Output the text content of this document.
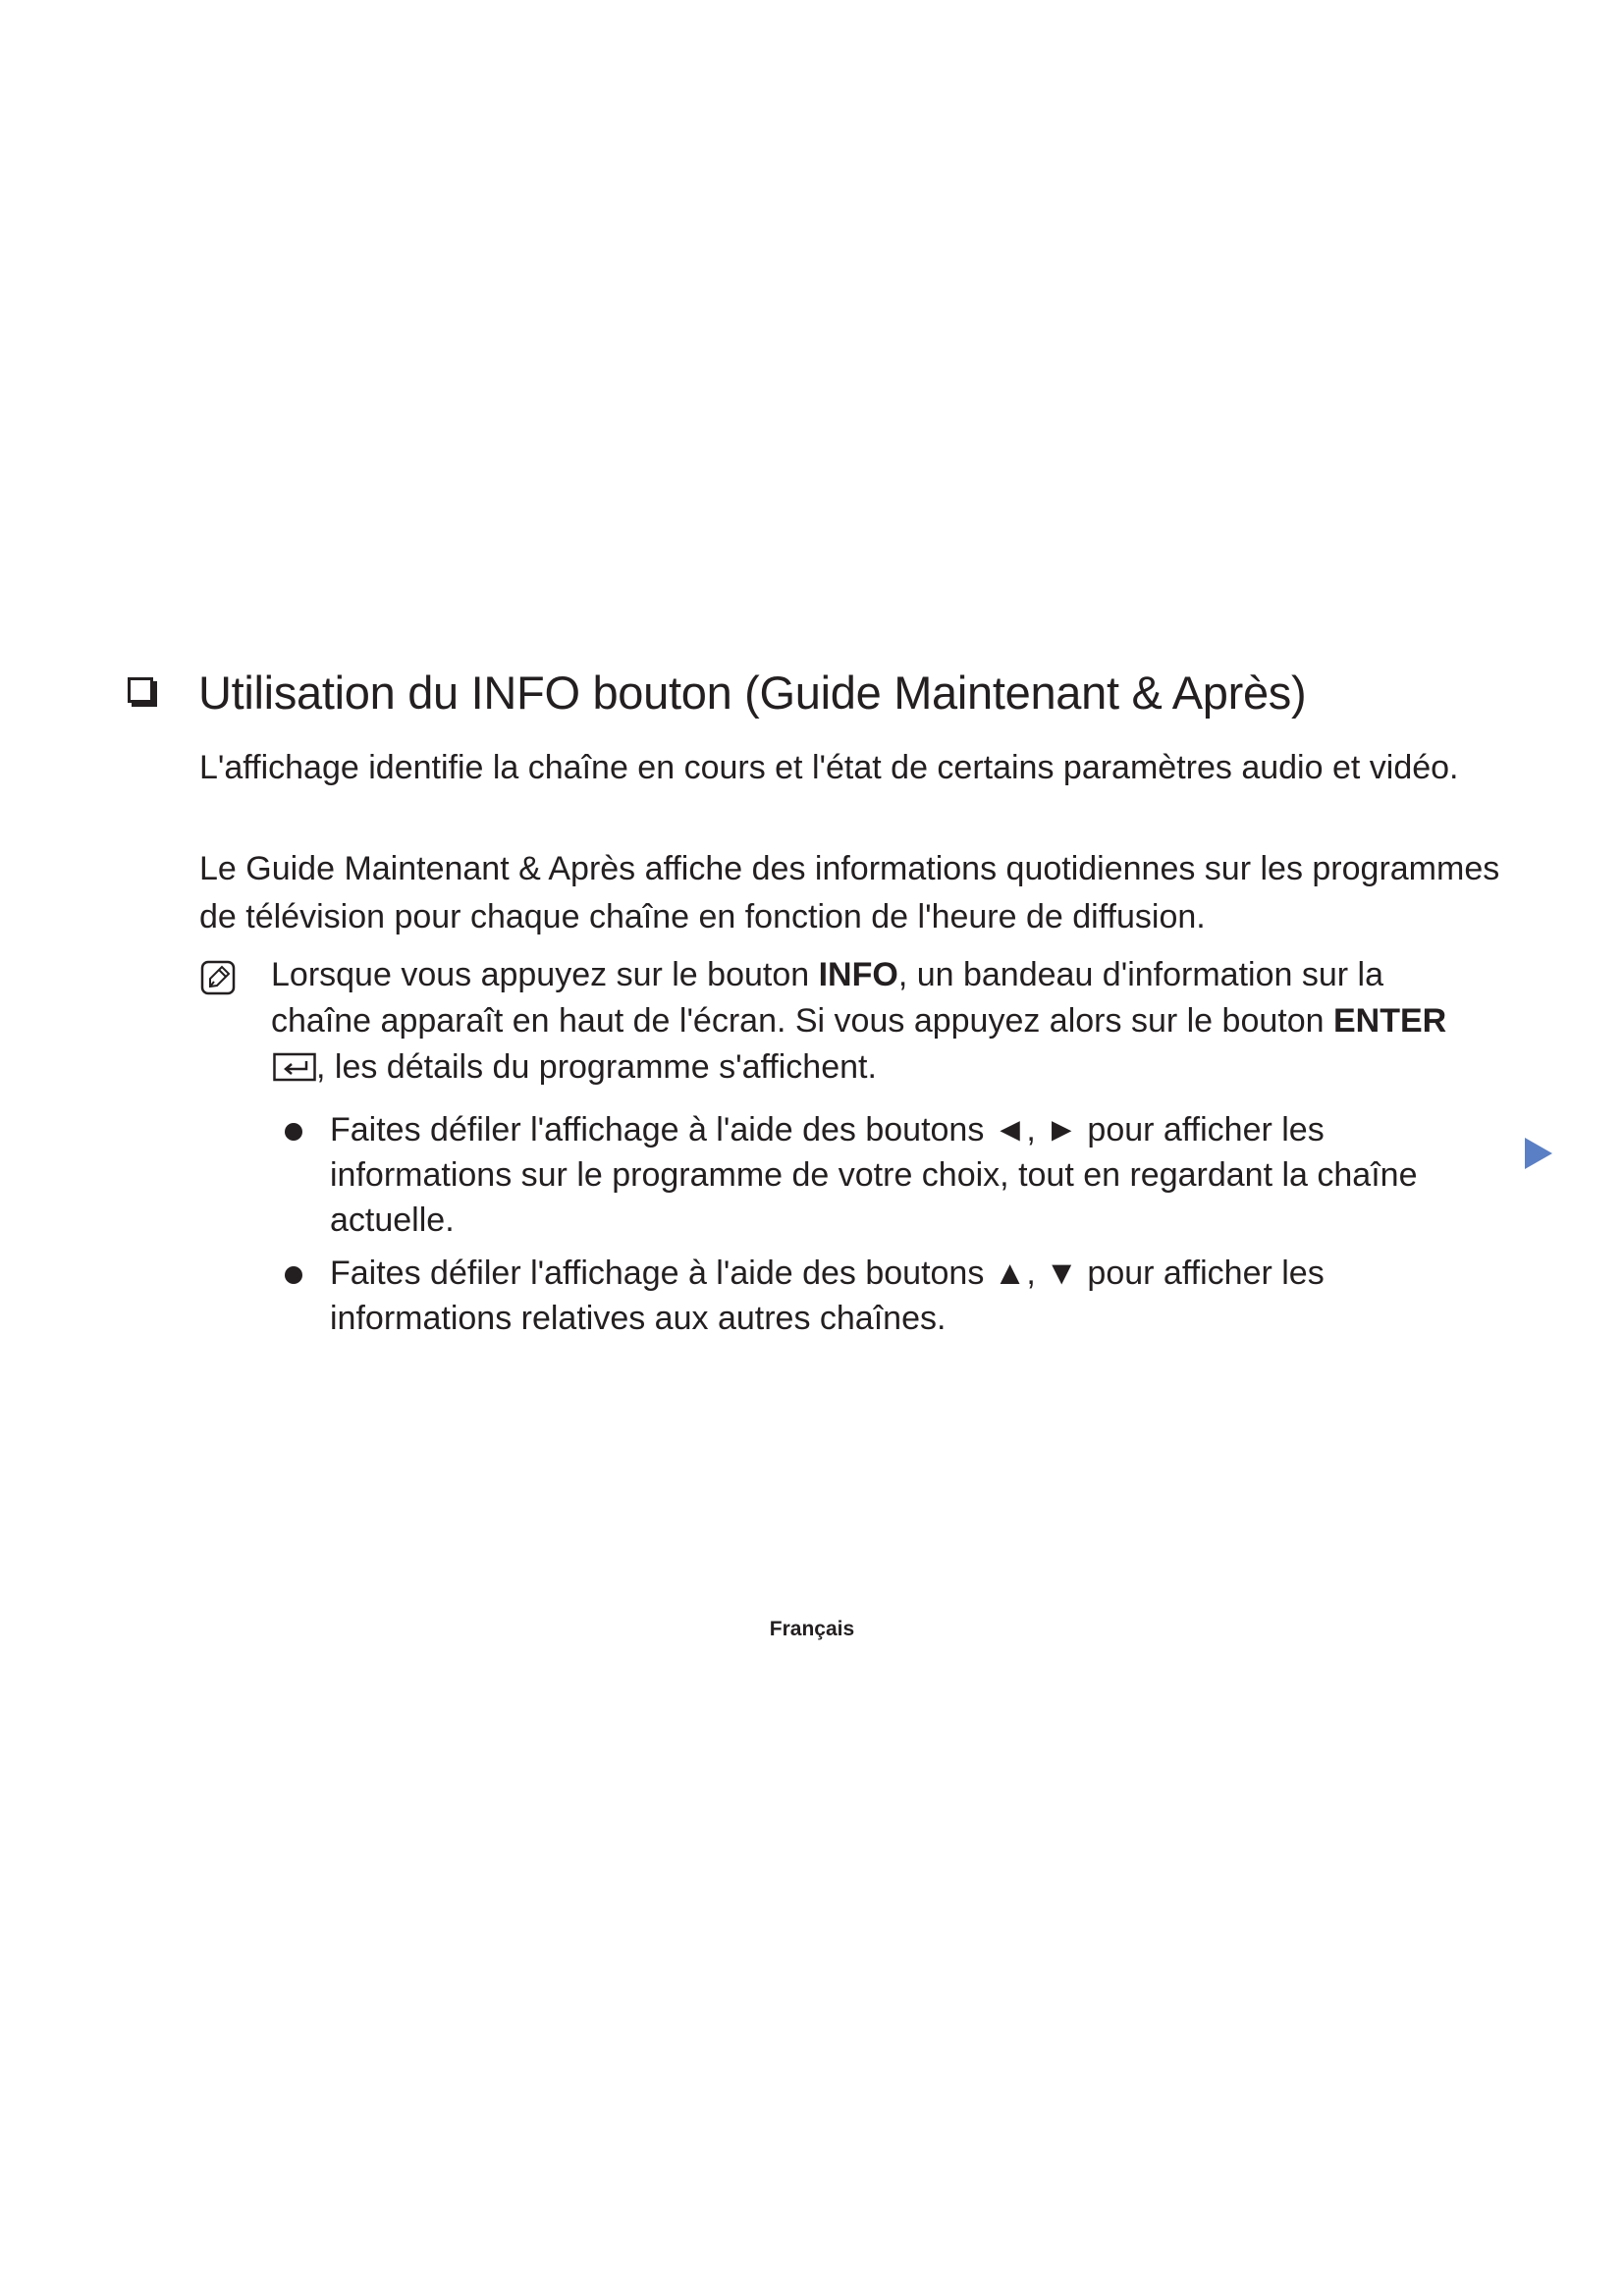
Utilisation du INFO bouton (Guide Maintenant & Après)

L'affichage identifie la chaîne en cours et l'état de certains paramètres audio et vidéo.

Le Guide Maintenant & Après affiche des informations quotidiennes sur les programmes de télévision pour chaque chaîne en fonction de l'heure de diffusion.

Lorsque vous appuyez sur le bouton INFO, un bandeau d'information sur la chaîne apparaît en haut de l'écran. Si vous appuyez alors sur le bouton ENTER, les détails du programme s'affichent.

Faites défiler l'affichage à l'aide des boutons ◄, ► pour afficher les informations sur le programme de votre choix, tout en regardant la chaîne actuelle.

Faites défiler l'affichage à l'aide des boutons ▲, ▼ pour afficher les informations relatives aux autres chaînes.

Français
